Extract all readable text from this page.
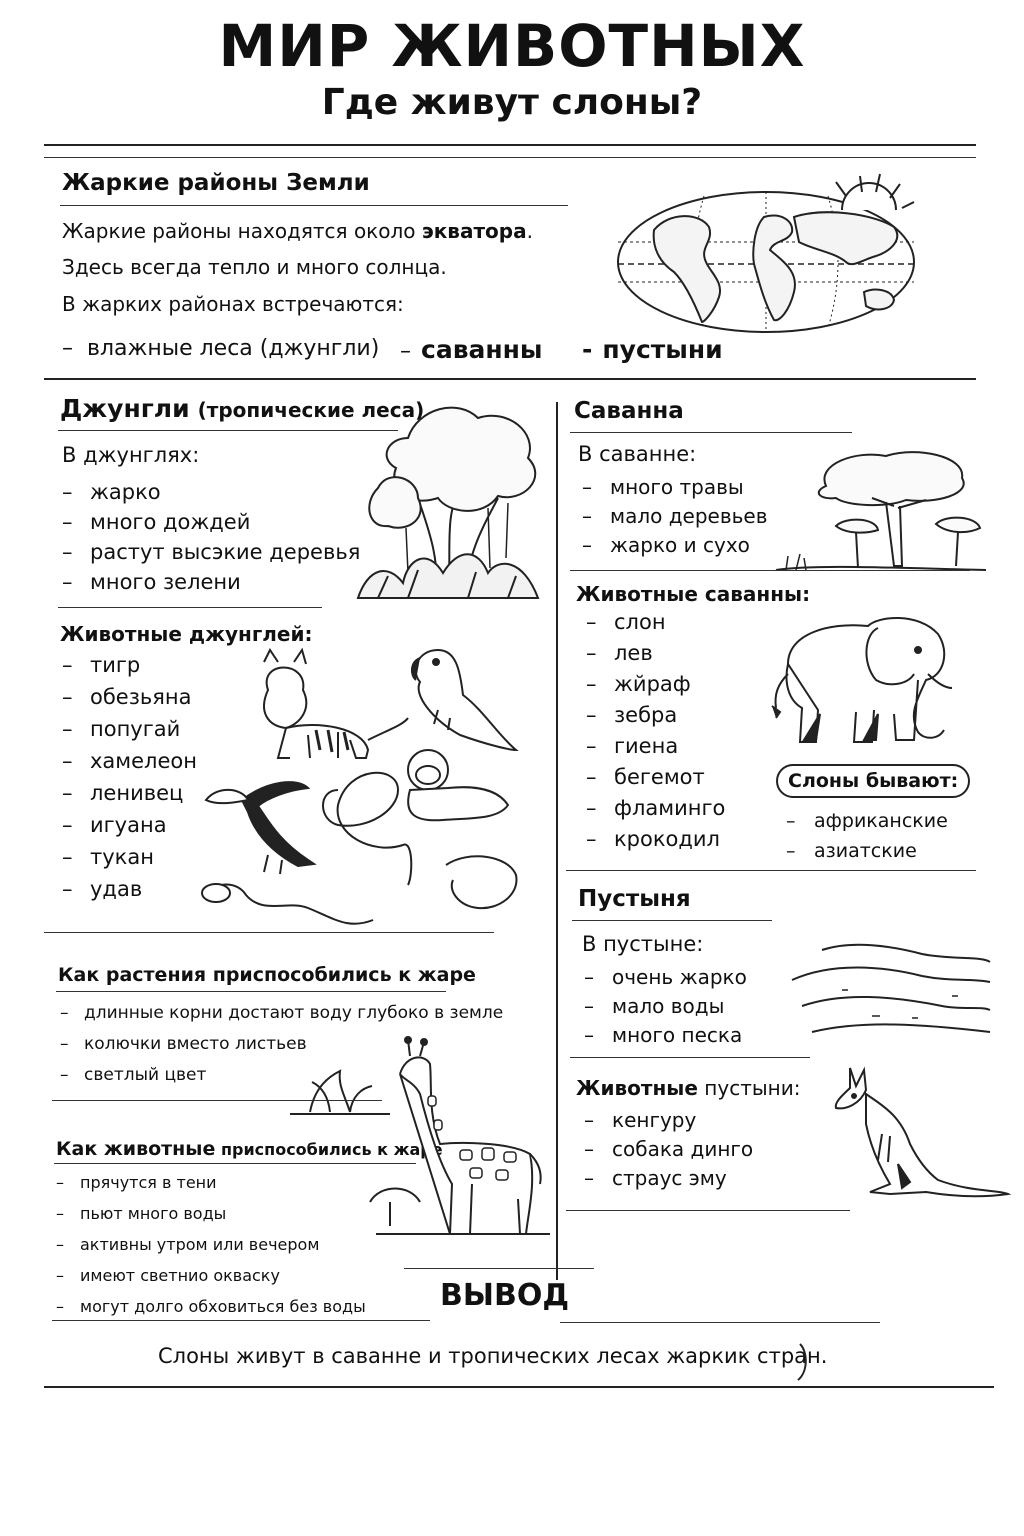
МИР ЖИВОТНЫХ
Где живут слоны?
Жаркие районы Земли
Жаркие районы находятся около экватора.
Здесь всегда тепло и много солнца.
В жарких районах встречаются:
– влажные леса (джунгли) – саванны - пустыни
Джунгли (тропические леса)
В джунглях:
– жарко
– много дождей
– растут высэкие деревья
– много зелени
Животные джунглей:
– тигр
– обезьяна
– попугай
– хамелеон
– ленивец
– игуана
– тукан
– удав
Как растения приспособились к жаре
– длинные корни достают воду глубоко в земле
– колючки вместо листьев
– светлый цвет
Как животные приспособились к жаре
–	прячутся в тени
–	пьют много воды
–	активны утром или вечером
–	имеют светниo окваску
–	могут долго обховиться без воды
Саванна
В саванне:
– много травы
– мало деревьев
– жарко и сухо
Животные саванны:
– слон
– лев
– жйраф
– зебра
– гиена
– бегемот
– фламинго
– крокодил
Слоны бывают:
– африканские
– азиатские
Пустыня
В пустыне:
– очень жарко
– мало воды
– много песка
Животные пустыни:
– кенгуру
– собака динго
– страус эму
ВЫВОД
Слоны живут в саванне и тропических лесах жаркик стран.
